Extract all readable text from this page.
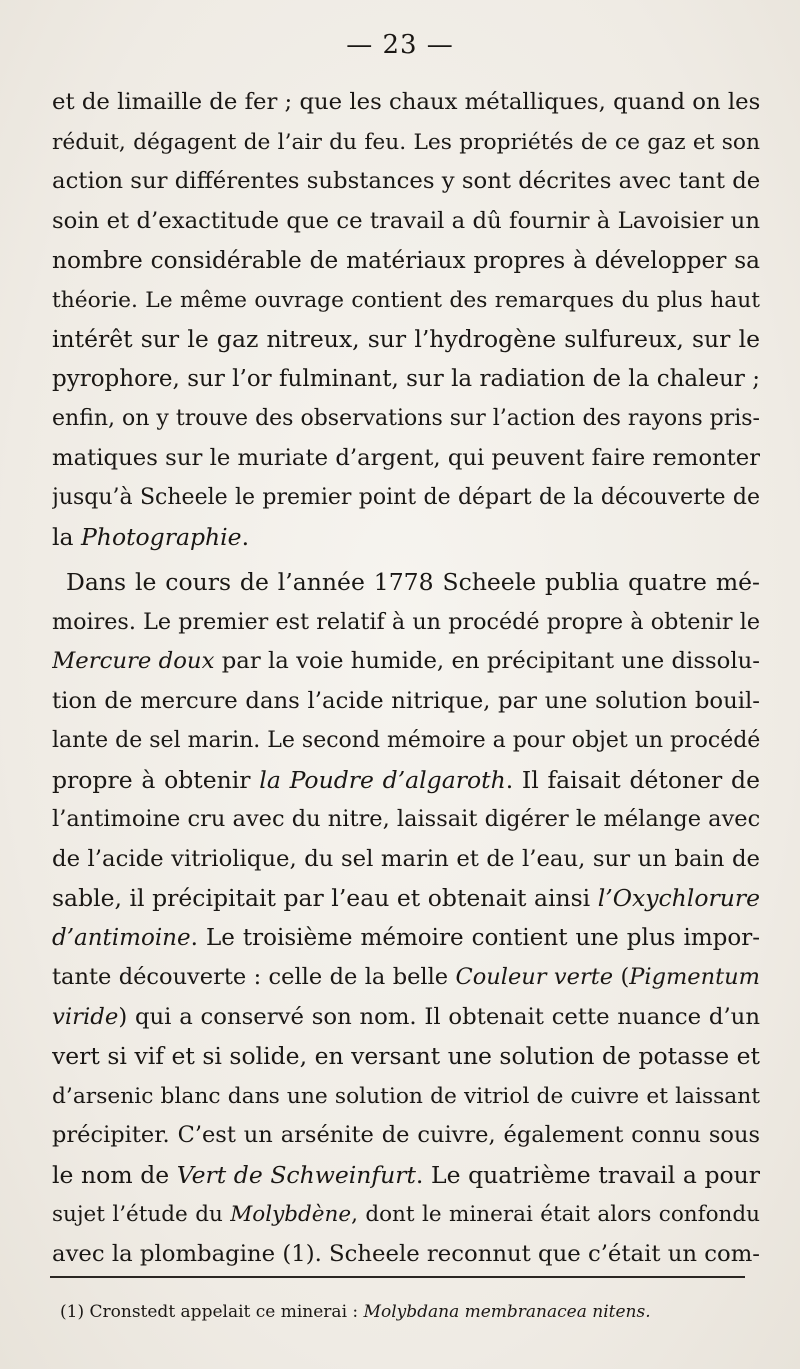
— 23 —
et de limaille de fer ; que les chaux métalliques, quand on les
réduit, dégagent de l’air du feu. Les propriétés de ce gaz et son
action sur différentes substances y sont décrites avec tant de
soin et d’exactitude que ce travail a dû fournir à Lavoisier un
nombre considérable de matériaux propres à développer sa
théorie. Le même ouvrage contient des remarques du plus haut
intérêt sur le gaz nitreux, sur l’hydrogène sulfureux, sur le
pyrophore, sur l’or fulminant, sur la radiation de la chaleur ;
enfin, on y trouve des observations sur l’action des rayons pris-
matiques sur le muriate d’argent, qui peuvent faire remonter
jusqu’à Scheele le premier point de départ de la découverte de
la Photographie.
Dans le cours de l’année 1778 Scheele publia quatre mé-
moires. Le premier est relatif à un procédé propre à obtenir le
Mercure doux par la voie humide, en précipitant une dissolu-
tion de mercure dans l’acide nitrique, par une solution bouil-
lante de sel marin. Le second mémoire a pour objet un procédé
propre à obtenir la Poudre d’algaroth. Il faisait détoner de
l’antimoine cru avec du nitre, laissait digérer le mélange avec
de l’acide vitriolique, du sel marin et de l’eau, sur un bain de
sable, il précipitait par l’eau et obtenait ainsi l’Oxychlorure
d’antimoine. Le troisième mémoire contient une plus impor-
tante découverte : celle de la belle Couleur verte (Pigmentum
viride) qui a conservé son nom. Il obtenait cette nuance d’un
vert si vif et si solide, en versant une solution de potasse et
d’arsenic blanc dans une solution de vitriol de cuivre et laissant
précipiter. C’est un arsénite de cuivre, également connu sous
le nom de Vert de Schweinfurt. Le quatrième travail a pour
sujet l’étude du Molybdène, dont le minerai était alors confondu
avec la plombagine (1). Scheele reconnut que c’était un com-
(1) Cronstedt appelait ce minerai : Molybdana membranacea nitens.
